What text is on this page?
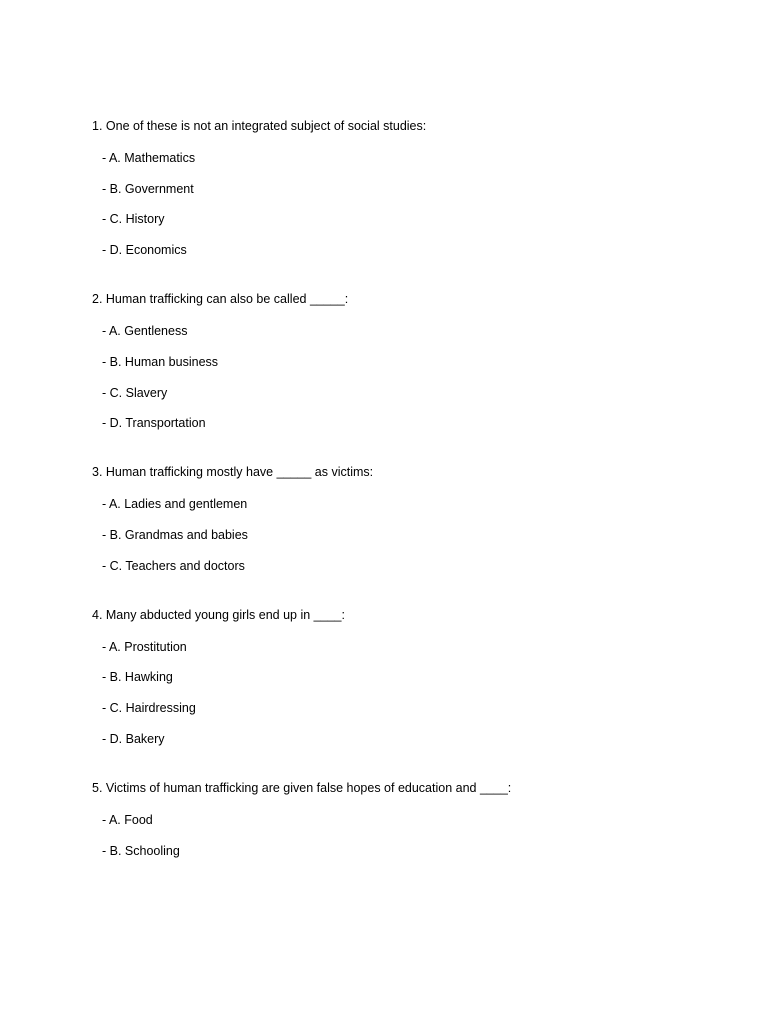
1. One of these is not an integrated subject of social studies:
- A. Mathematics
- B. Government
- C. History
- D. Economics
2. Human trafficking can also be called _____:
- A. Gentleness
- B. Human business
- C. Slavery
- D. Transportation
3. Human trafficking mostly have _____ as victims:
- A. Ladies and gentlemen
- B. Grandmas and babies
- C. Teachers and doctors
4. Many abducted young girls end up in ____:
- A. Prostitution
- B. Hawking
- C. Hairdressing
- D. Bakery
5. Victims of human trafficking are given false hopes of education and ____:
- A. Food
- B. Schooling
